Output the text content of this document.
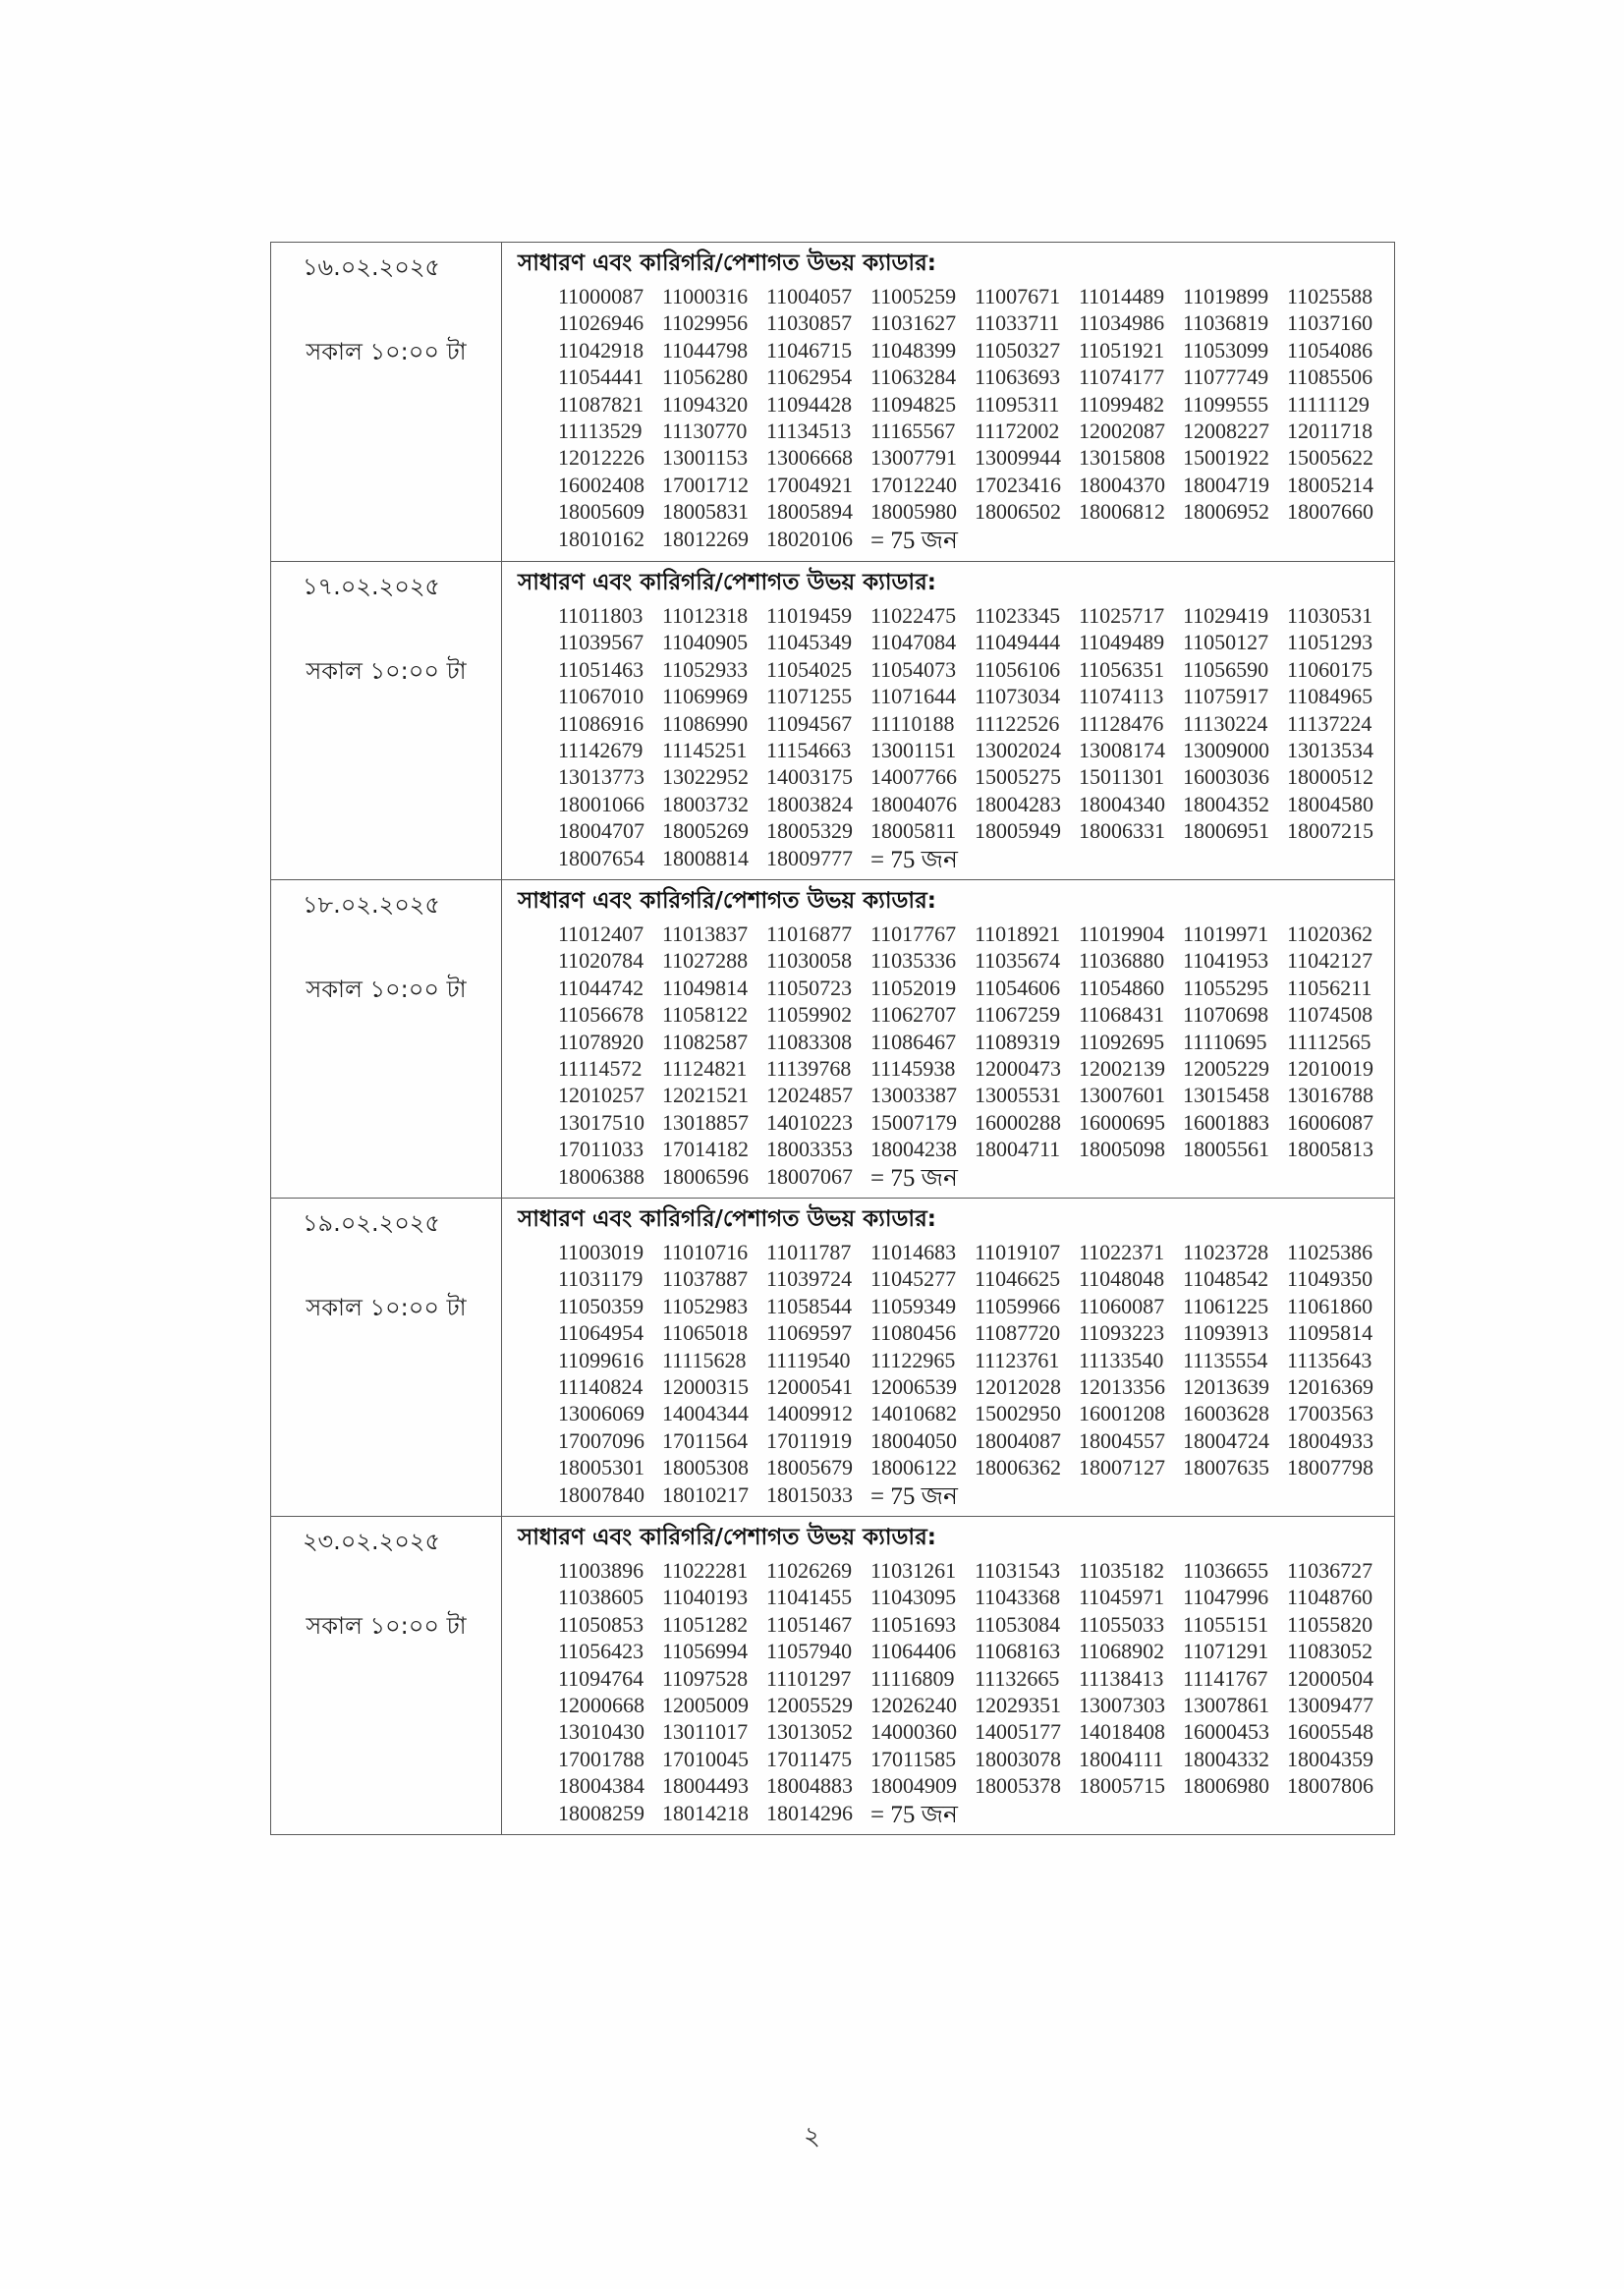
১৬.০২.২০২৫
সকাল ১০:০০ টা
সাধারণ এবং কারিগরি/পেশাগত উভয় ক্যাডার:
11000087 11000316 11004057 11005259 11007671 11014489 11019899 11025588
11026946 11029956 11030857 11031627 11033711 11034986 11036819 11037160
11042918 11044798 11046715 11048399 11050327 11051921 11053099 11054086
11054441 11056280 11062954 11063284 11063693 11074177 11077749 11085506
11087821 11094320 11094428 11094825 11095311 11099482 11099555 11111129
11113529 11130770 11134513 11165567 11172002 12002087 12008227 12011718
12012226 13001153 13006668 13007791 13009944 13015808 15001922 15005622
16002408 17001712 17004921 17012240 17023416 18004370 18004719 18005214
18005609 18005831 18005894 18005980 18006502 18006812 18006952 18007660
18010162 18012269 18020106 = 75 জন
১৭.০২.২০২৫
সকাল ১০:০০ টা
সাধারণ এবং কারিগরি/পেশাগত উভয় ক্যাডার:
11011803 11012318 11019459 11022475 11023345 11025717 11029419 11030531
11039567 11040905 11045349 11047084 11049444 11049489 11050127 11051293
11051463 11052933 11054025 11054073 11056106 11056351 11056590 11060175
11067010 11069969 11071255 11071644 11073034 11074113 11075917 11084965
11086916 11086990 11094567 11110188 11122526 11128476 11130224 11137224
11142679 11145251 11154663 13001151 13002024 13008174 13009000 13013534
13013773 13022952 14003175 14007766 15005275 15011301 16003036 18000512
18001066 18003732 18003824 18004076 18004283 18004340 18004352 18004580
18004707 18005269 18005329 18005811 18005949 18006331 18006951 18007215
18007654 18008814 18009777 = 75 জন
১৮.০২.২০২৫
সকাল ১০:০০ টা
সাধারণ এবং কারিগরি/পেশাগত উভয় ক্যাডার:
11012407 11013837 11016877 11017767 11018921 11019904 11019971 11020362
11020784 11027288 11030058 11035336 11035674 11036880 11041953 11042127
11044742 11049814 11050723 11052019 11054606 11054860 11055295 11056211
11056678 11058122 11059902 11062707 11067259 11068431 11070698 11074508
11078920 11082587 11083308 11086467 11089319 11092695 11110695 11112565
11114572 11124821 11139768 11145938 12000473 12002139 12005229 12010019
12010257 12021521 12024857 13003387 13005531 13007601 13015458 13016788
13017510 13018857 14010223 15007179 16000288 16000695 16001883 16006087
17011033 17014182 18003353 18004238 18004711 18005098 18005561 18005813
18006388 18006596 18007067 = 75 জন
১৯.০২.২০২৫
সকাল ১০:০০ টা
সাধারণ এবং কারিগরি/পেশাগত উভয় ক্যাডার:
11003019 11010716 11011787 11014683 11019107 11022371 11023728 11025386
11031179 11037887 11039724 11045277 11046625 11048048 11048542 11049350
11050359 11052983 11058544 11059349 11059966 11060087 11061225 11061860
11064954 11065018 11069597 11080456 11087720 11093223 11093913 11095814
11099616 11115628 11119540 11122965 11123761 11133540 11135554 11135643
11140824 12000315 12000541 12006539 12012028 12013356 12013639 12016369
13006069 14004344 14009912 14010682 15002950 16001208 16003628 17003563
17007096 17011564 17011919 18004050 18004087 18004557 18004724 18004933
18005301 18005308 18005679 18006122 18006362 18007127 18007635 18007798
18007840 18010217 18015033 = 75 জন
২৩.০২.২০২৫
সকাল ১০:০০ টা
সাধারণ এবং কারিগরি/পেশাগত উভয় ক্যাডার:
11003896 11022281 11026269 11031261 11031543 11035182 11036655 11036727
11038605 11040193 11041455 11043095 11043368 11045971 11047996 11048760
11050853 11051282 11051467 11051693 11053084 11055033 11055151 11055820
11056423 11056994 11057940 11064406 11068163 11068902 11071291 11083052
11094764 11097528 11101297 11116809 11132665 11138413 11141767 12000504
12000668 12005009 12005529 12026240 12029351 13007303 13007861 13009477
13010430 13011017 13013052 14000360 14005177 14018408 16000453 16005548
17001788 17010045 17011475 17011585 18003078 18004111 18004332 18004359
18004384 18004493 18004883 18004909 18005378 18005715 18006980 18007806
18008259 18014218 18014296 = 75 জন
২
